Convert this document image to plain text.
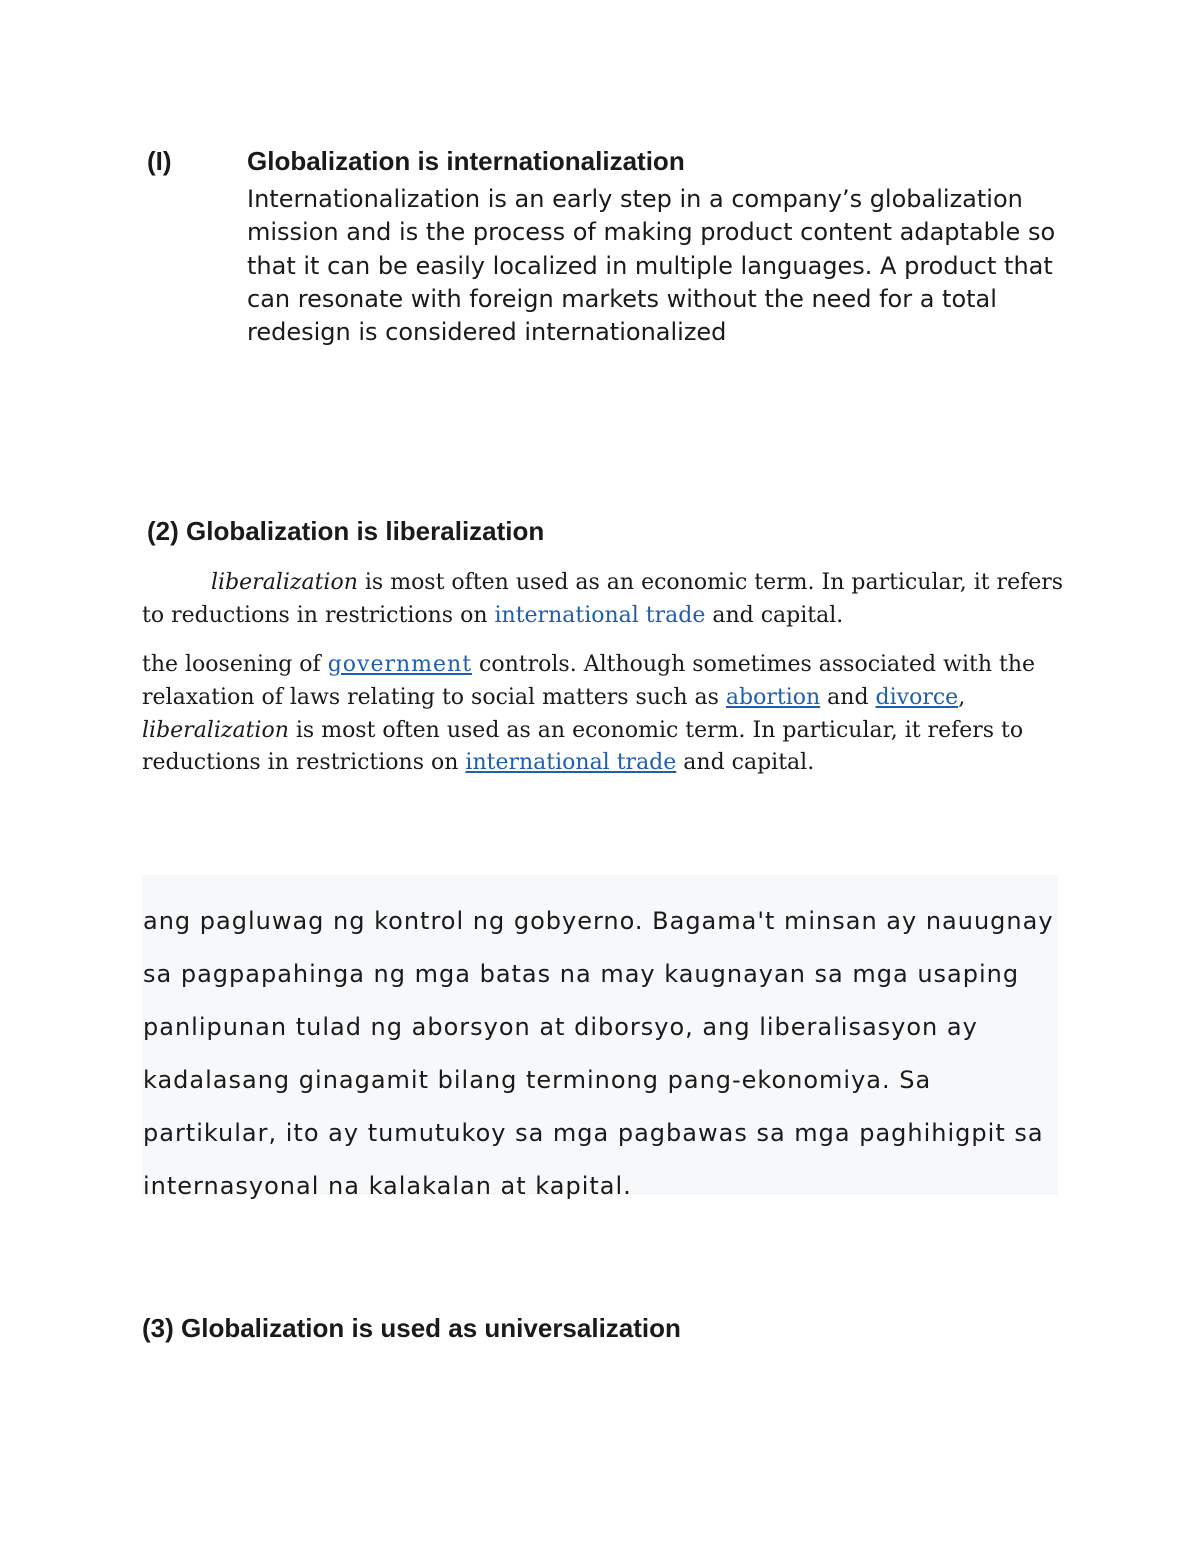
(I)	Globalization is internationalization
Internationalization is an early step in a company’s globalization mission and is the process of making product content adaptable so that it can be easily localized in multiple languages. A product that can resonate with foreign markets without the need for a total redesign is considered internationalized
(2) Globalization is liberalization
liberalization is most often used as an economic term. In particular, it refers to reductions in restrictions on international trade and capital.
the loosening of government controls. Although sometimes associated with the relaxation of laws relating to social matters such as abortion and divorce, liberalization is most often used as an economic term. In particular, it refers to reductions in restrictions on international trade and capital.
ang pagluwag ng kontrol ng gobyerno. Bagama't minsan ay nauugnay sa pagpapahinga ng mga batas na may kaugnayan sa mga usaping panlipunan tulad ng aborsyon at diborsyo, ang liberalisasyon ay kadalasang ginagamit bilang terminong pang-ekonomiya. Sa partikular, ito ay tumutukoy sa mga pagbawas sa mga paghihigpit sa internasyonal na kalakalan at kapital.
(3) Globalization is used as universalization
